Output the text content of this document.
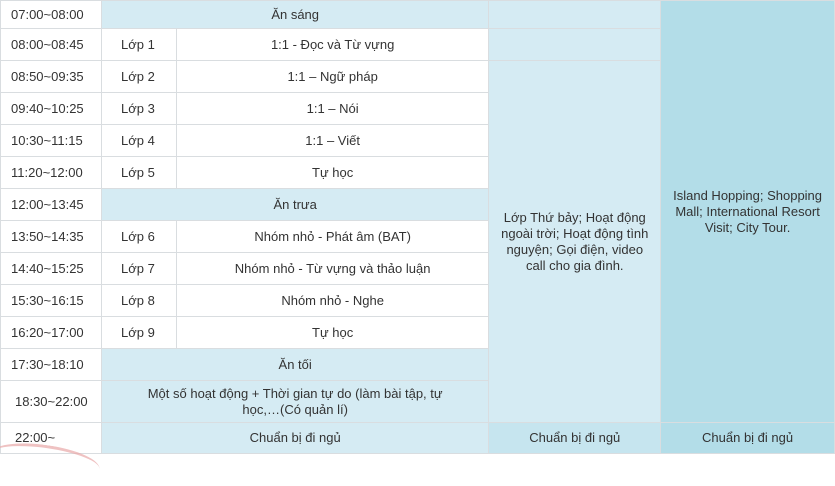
07:00~08:00	Ăn sáng			Island Hopping; Shopping Mall; International Resort Visit; City Tour.
08:00~08:45	Lớp 1	1:1 - Đọc và Từ vựng		
08:50~09:35	Lớp 2	1:1 – Ngữ pháp	Lớp Thứ bảy; Hoạt động ngoài trời; Hoạt động tình nguyện; Gọi điện, video call cho gia đình.	
09:40~10:25	Lớp 3	1:1 – Nói		
10:30~11:15	Lớp 4	1:1 – Viết		
11:20~12:00	Lớp 5	Tự học		
12:00~13:45	Ăn trưa			
13:50~14:35	Lớp 6	Nhóm nhỏ - Phát âm (BAT)		
14:40~15:25	Lớp 7	Nhóm nhỏ - Từ vựng và thảo luận		
15:30~16:15	Lớp 8	Nhóm nhỏ - Nghe		
16:20~17:00	Lớp 9	Tự học		
17:30~18:10	Ăn tối			
18:30~22:00	Một số hoạt động + Thời gian tự do (làm bài tập, tự học,…(Có quản lí)			
22:00~	Chuẩn bị đi ngủ		Chuẩn bị đi ngủ	Chuẩn bị đi ngủ
